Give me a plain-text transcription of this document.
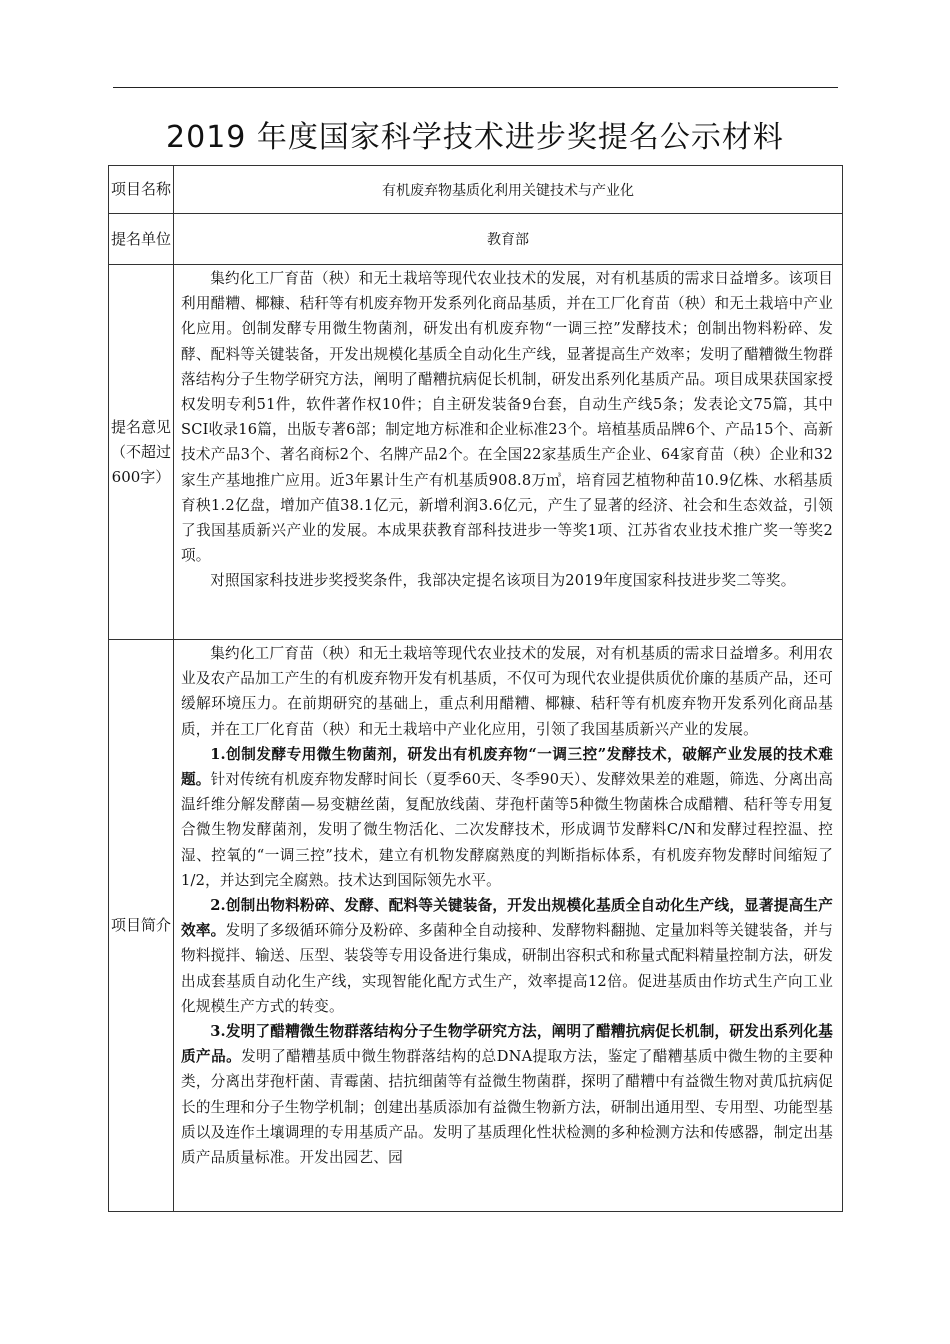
2019 年度国家科学技术进步奖提名公示材料
项目名称	有机废弃物基质化利用关键技术与产业化
提名单位	教育部
提名意见（不超过600字）	集约化工厂育苗（秧）和无土栽培等现代农业技术的发展，对有机基质的需求日益增多。该项目利用醋糟、椰糠、秸秆等有机废弃物开发系列化商品基质，并在工厂化育苗（秧）和无土栽培中产业化应用。创制发酵专用微生物菌剂，研发出有机废弃物“一调三控”发酵技术；创制出物料粉碎、发酵、配料等关键装备，开发出规模化基质全自动化生产线，显著提高生产效率；发明了醋糟微生物群落结构分子生物学研究方法，阐明了醋糟抗病促长机制，研发出系列化基质产品。项目成果获国家授权发明专利51件，软件著作权10件；自主研发装备9台套，自动生产线5条；发表论文75篇，其中SCI收录16篇，出版专著6部；制定地方标准和企业标准23个。培植基质品牌6个、产品15个、高新技术产品3个、著名商标2个、名牌产品2个。在全国22家基质生产企业、64家育苗（秧）企业和32家生产基地推广应用。近3年累计生产有机基质908.8万㎥，培育园艺植物种苗10.9亿株、水稻基质育秧1.2亿盘，增加产值38.1亿元，新增利润3.6亿元，产生了显著的经济、社会和生态效益，引领了我国基质新兴产业的发展。本成果获教育部科技进步一等奖1项、江苏省农业技术推广奖一等奖2项。

对照国家科技进步奖授奖条件，我部决定提名该项目为2019年度国家科技进步奖二等奖。

项目简介	集约化工厂育苗（秧）和无土栽培等现代农业技术的发展，对有机基质的需求日益增多。利用农业及农产品加工产生的有机废弃物开发有机基质，不仅可为现代农业提供质优价廉的基质产品，还可缓解环境压力。在前期研究的基础上，重点利用醋糟、椰糠、秸秆等有机废弃物开发系列化商品基质，并在工厂化育苗（秧）和无土栽培中产业化应用，引领了我国基质新兴产业的发展。

1.创制发酵专用微生物菌剂，研发出有机废弃物“一调三控”发酵技术，破解产业发展的技术难题。针对传统有机废弃物发酵时间长（夏季60天、冬季90天）、发酵效果差的难题，筛选、分离出高温纤维分解发酵菌—易变糖丝菌，复配放线菌、芽孢杆菌等5种微生物菌株合成醋糟、秸秆等专用复合微生物发酵菌剂，发明了微生物活化、二次发酵技术，形成调节发酵料C/N和发酵过程控温、控湿、控氧的“一调三控”技术，建立有机物发酵腐熟度的判断指标体系，有机废弃物发酵时间缩短了1/2，并达到完全腐熟。技术达到国际领先水平。

2.创制出物料粉碎、发酵、配料等关键装备，开发出规模化基质全自动化生产线，显著提高生产效率。发明了多级循环筛分及粉碎、多菌种全自动接种、发酵物料翻抛、定量加料等关键装备，并与物料搅拌、输送、压型、装袋等专用设备进行集成，研制出容积式和称量式配料精量控制方法，研发出成套基质自动化生产线，实现智能化配方式生产，效率提高12倍。促进基质由作坊式生产向工业化规模生产方式的转变。

3.发明了醋糟微生物群落结构分子生物学研究方法，阐明了醋糟抗病促长机制，研发出系列化基质产品。发明了醋糟基质中微生物群落结构的总DNA提取方法，鉴定了醋糟基质中微生物的主要种类，分离出芽孢杆菌、青霉菌、拮抗细菌等有益微生物菌群，探明了醋糟中有益微生物对黄瓜抗病促长的生理和分子生物学机制；创建出基质添加有益微生物新方法，研制出通用型、专用型、功能型基质以及连作土壤调理的专用基质产品。发明了基质理化性状检测的多种检测方法和传感器，制定出基质产品质量标准。开发出园艺、园
